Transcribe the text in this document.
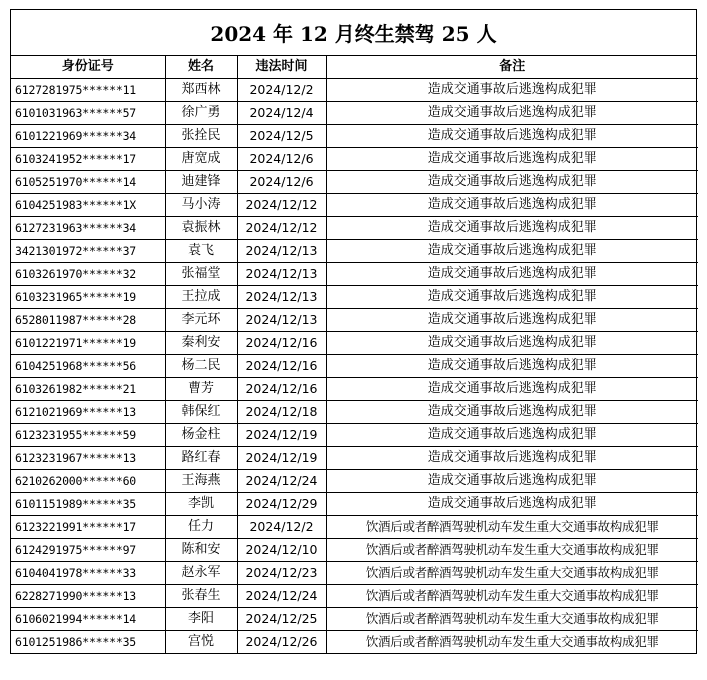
2024 年 12 月终生禁驾 25 人
身份证号	姓名	违法时间	备注
6127281975******11	郑西林	2024/12/2	造成交通事故后逃逸构成犯罪
6101031963******57	徐广勇	2024/12/4	造成交通事故后逃逸构成犯罪
6101221969******34	张拴民	2024/12/5	造成交通事故后逃逸构成犯罪
6103241952******17	唐宽成	2024/12/6	造成交通事故后逃逸构成犯罪
6105251970******14	迪建锋	2024/12/6	造成交通事故后逃逸构成犯罪
6104251983******1X	马小涛	2024/12/12	造成交通事故后逃逸构成犯罪
6127231963******34	袁振林	2024/12/12	造成交通事故后逃逸构成犯罪
3421301972******37	袁飞	2024/12/13	造成交通事故后逃逸构成犯罪
6103261970******32	张福堂	2024/12/13	造成交通事故后逃逸构成犯罪
6103231965******19	王拉成	2024/12/13	造成交通事故后逃逸构成犯罪
6528011987******28	李元环	2024/12/13	造成交通事故后逃逸构成犯罪
6101221971******19	秦利安	2024/12/16	造成交通事故后逃逸构成犯罪
6104251968******56	杨二民	2024/12/16	造成交通事故后逃逸构成犯罪
6103261982******21	曹芳	2024/12/16	造成交通事故后逃逸构成犯罪
6121021969******13	韩保红	2024/12/18	造成交通事故后逃逸构成犯罪
6123231955******59	杨金柱	2024/12/19	造成交通事故后逃逸构成犯罪
6123231967******13	路红春	2024/12/19	造成交通事故后逃逸构成犯罪
6210262000******60	王海燕	2024/12/24	造成交通事故后逃逸构成犯罪
6101151989******35	李凯	2024/12/29	造成交通事故后逃逸构成犯罪
6123221991******17	任力	2024/12/2	饮酒后或者醉酒驾驶机动车发生重大交通事故构成犯罪
6124291975******97	陈和安	2024/12/10	饮酒后或者醉酒驾驶机动车发生重大交通事故构成犯罪
6104041978******33	赵永军	2024/12/23	饮酒后或者醉酒驾驶机动车发生重大交通事故构成犯罪
6228271990******13	张春生	2024/12/24	饮酒后或者醉酒驾驶机动车发生重大交通事故构成犯罪
6106021994******14	李阳	2024/12/25	饮酒后或者醉酒驾驶机动车发生重大交通事故构成犯罪
6101251986******35	宫悦	2024/12/26	饮酒后或者醉酒驾驶机动车发生重大交通事故构成犯罪
